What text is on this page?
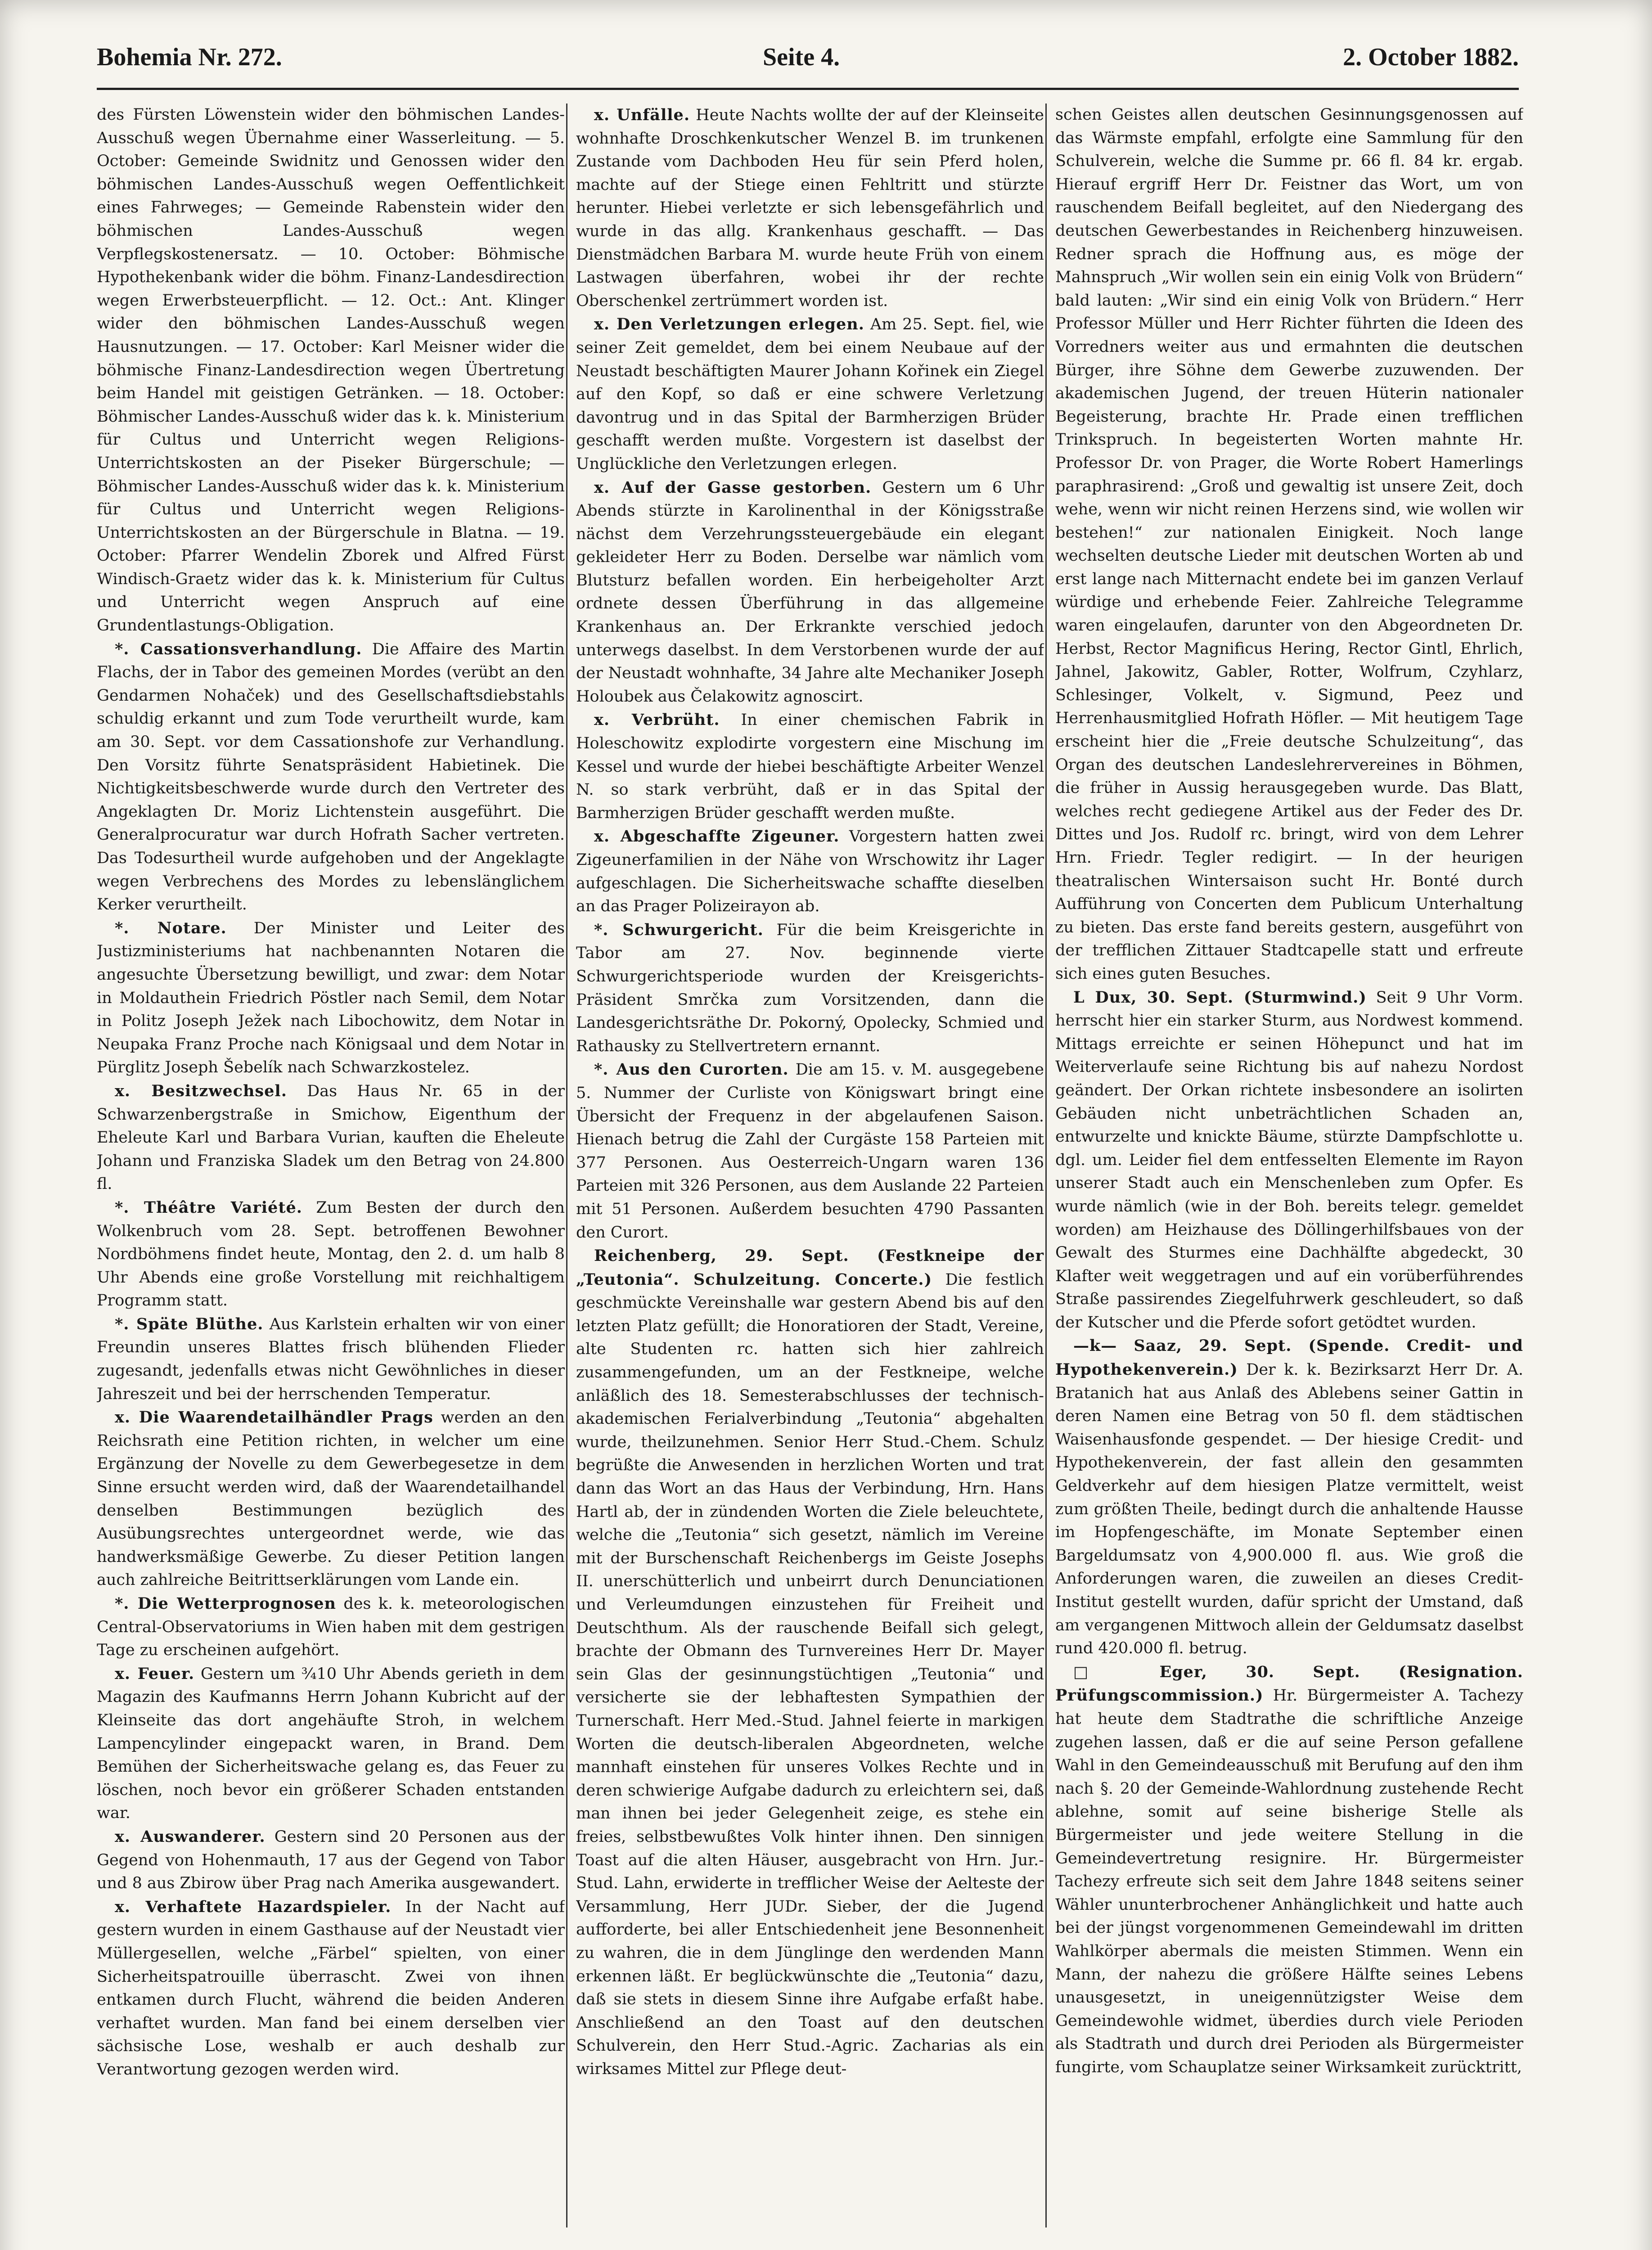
Bohemia Nr. 272.	Seite 4.	2. October 1882.

des Fürsten Löwenstein wider den böhmischen Landes-Ausschuß wegen Übernahme einer Wasserleitung. — 5. October: Gemeinde Swidnitz und Genossen wider den böhmischen Landes-Ausschuß wegen Oeffentlichkeit eines Fahrweges; — Gemeinde Rabenstein wider den böhmischen Landes-Ausschuß wegen Verpflegskostenersatz. — 10. October: Böhmische Hypothekenbank wider die böhm. Finanz-Landesdirection wegen Erwerbsteuerpflicht. — 12. Oct.: Ant. Klinger wider den böhmischen Landes-Ausschuß wegen Hausnutzungen. — 17. October: Karl Meisner wider die böhmische Finanz-Landesdirection wegen Übertretung beim Handel mit geistigen Getränken. — 18. October: Böhmischer Landes-Ausschuß wider das k. k. Ministerium für Cultus und Unterricht wegen Religions-Unterrichtskosten an der Piseker Bürgerschule; — Böhmischer Landes-Ausschuß wider das k. k. Ministerium für Cultus und Unterricht wegen Religions-Unterrichtskosten an der Bürgerschule in Blatna. — 19. October: Pfarrer Wendelin Zborek und Alfred Fürst Windisch-Graetz wider das k. k. Ministerium für Cultus und Unterricht wegen Anspruch auf eine Grundentlastungs-Obligation.

*. Cassationsverhandlung. Die Affaire des Martin Flachs, der in Tabor des gemeinen Mordes (verübt an den Gendarmen Nohaček) und des Gesellschaftsdiebstahls schuldig erkannt und zum Tode verurtheilt wurde, kam am 30. Sept. vor dem Cassationshofe zur Verhandlung. Den Vorsitz führte Senatspräsident Habietinek. Die Nichtigkeitsbeschwerde wurde durch den Vertreter des Angeklagten Dr. Moriz Lichtenstein ausgeführt. Die Generalprocuratur war durch Hofrath Sacher vertreten. Das Todesurtheil wurde aufgehoben und der Angeklagte wegen Verbrechens des Mordes zu lebenslänglichem Kerker verurtheilt.

*. Notare. Der Minister und Leiter des Justizministeriums hat nachbenannten Notaren die angesuchte Übersetzung bewilligt, und zwar: dem Notar in Moldauthein Friedrich Pöstler nach Semil, dem Notar in Politz Joseph Ježek nach Libochowitz, dem Notar in Neupaka Franz Proche nach Königsaal und dem Notar in Pürglitz Joseph Šebelík nach Schwarzkostelez.

x. Besitzwechsel. Das Haus Nr. 65 in der Schwarzenbergstraße in Smichow, Eigenthum der Eheleute Karl und Barbara Vurian, kauften die Eheleute Johann und Franziska Sladek um den Betrag von 24.800 fl.

*. Théâtre Variété. Zum Besten der durch den Wolkenbruch vom 28. Sept. betroffenen Bewohner Nordböhmens findet heute, Montag, den 2. d. um halb 8 Uhr Abends eine große Vorstellung mit reichhaltigem Programm statt.

*. Späte Blüthe. Aus Karlstein erhalten wir von einer Freundin unseres Blattes frisch blühenden Flieder zugesandt, jedenfalls etwas nicht Gewöhnliches in dieser Jahreszeit und bei der herrschenden Temperatur.

x. Die Waarendetailhändler Prags werden an den Reichsrath eine Petition richten, in welcher um eine Ergänzung der Novelle zu dem Gewerbegesetze in dem Sinne ersucht werden wird, daß der Waarendetailhandel denselben Bestimmungen bezüglich des Ausübungsrechtes untergeordnet werde, wie das handwerksmäßige Gewerbe. Zu dieser Petition langen auch zahlreiche Beitrittserklärungen vom Lande ein.

*. Die Wetterprognosen des k. k. meteorologischen Central-Observatoriums in Wien haben mit dem gestrigen Tage zu erscheinen aufgehört.

x. Feuer. Gestern um ¾10 Uhr Abends gerieth in dem Magazin des Kaufmanns Herrn Johann Kubricht auf der Kleinseite das dort angehäufte Stroh, in welchem Lampencylinder eingepackt waren, in Brand. Dem Bemühen der Sicherheitswache gelang es, das Feuer zu löschen, noch bevor ein größerer Schaden entstanden war.

x. Auswanderer. Gestern sind 20 Personen aus der Gegend von Hohenmauth, 17 aus der Gegend von Tabor und 8 aus Zbirow über Prag nach Amerika ausgewandert.

x. Verhaftete Hazardspieler. In der Nacht auf gestern wurden in einem Gasthause auf der Neustadt vier Müllergesellen, welche „Färbel“ spielten, von einer Sicherheitspatrouille überrascht. Zwei von ihnen entkamen durch Flucht, während die beiden Anderen verhaftet wurden. Man fand bei einem derselben vier sächsische Lose, weshalb er auch deshalb zur Verantwortung gezogen werden wird.

x. Unfälle. Heute Nachts wollte der auf der Kleinseite wohnhafte Droschkenkutscher Wenzel B. im trunkenen Zustande vom Dachboden Heu für sein Pferd holen, machte auf der Stiege einen Fehltritt und stürzte herunter. Hiebei verletzte er sich lebensgefährlich und wurde in das allg. Krankenhaus geschafft. — Das Dienstmädchen Barbara M. wurde heute Früh von einem Lastwagen überfahren, wobei ihr der rechte Oberschenkel zertrümmert worden ist.

x. Den Verletzungen erlegen. Am 25. Sept. fiel, wie seiner Zeit gemeldet, dem bei einem Neubaue auf der Neustadt beschäftigten Maurer Johann Kořinek ein Ziegel auf den Kopf, so daß er eine schwere Verletzung davontrug und in das Spital der Barmherzigen Brüder geschafft werden mußte. Vorgestern ist daselbst der Unglückliche den Verletzungen erlegen.

x. Auf der Gasse gestorben. Gestern um 6 Uhr Abends stürzte in Karolinenthal in der Königsstraße nächst dem Verzehrungssteuergebäude ein elegant gekleideter Herr zu Boden. Derselbe war nämlich vom Blutsturz befallen worden. Ein herbeigeholter Arzt ordnete dessen Überführung in das allgemeine Krankenhaus an. Der Erkrankte verschied jedoch unterwegs daselbst. In dem Verstorbenen wurde der auf der Neustadt wohnhafte, 34 Jahre alte Mechaniker Joseph Holoubek aus Čelakowitz agnoscirt.

x. Verbrüht. In einer chemischen Fabrik in Holeschowitz explodirte vorgestern eine Mischung im Kessel und wurde der hiebei beschäftigte Arbeiter Wenzel N. so stark verbrüht, daß er in das Spital der Barmherzigen Brüder geschafft werden mußte.

x. Abgeschaffte Zigeuner. Vorgestern hatten zwei Zigeunerfamilien in der Nähe von Wrschowitz ihr Lager aufgeschlagen. Die Sicherheitswache schaffte dieselben an das Prager Polizeirayon ab.

*. Schwurgericht. Für die beim Kreisgerichte in Tabor am 27. Nov. beginnende vierte Schwurgerichtsperiode wurden der Kreisgerichts-Präsident Smrčka zum Vorsitzenden, dann die Landesgerichtsräthe Dr. Pokorný, Opolecky, Schmied und Rathausky zu Stellvertretern ernannt.

*. Aus den Curorten. Die am 15. v. M. ausgegebene 5. Nummer der Curliste von Königswart bringt eine Übersicht der Frequenz in der abgelaufenen Saison. Hienach betrug die Zahl der Curgäste 158 Parteien mit 377 Personen. Aus Oesterreich-Ungarn waren 136 Parteien mit 326 Personen, aus dem Auslande 22 Parteien mit 51 Personen. Außerdem besuchten 4790 Passanten den Curort.

Reichenberg, 29. Sept. (Festkneipe der „Teutonia“. Schulzeitung. Concerte.) Die festlich geschmückte Vereinshalle war gestern Abend bis auf den letzten Platz gefüllt; die Honoratioren der Stadt, Vereine, alte Studenten rc. hatten sich hier zahlreich zusammengefunden, um an der Festkneipe, welche anläßlich des 18. Semesterabschlusses der technisch-akademischen Ferialverbindung „Teutonia“ abgehalten wurde, theilzunehmen. Senior Herr Stud.-Chem. Schulz begrüßte die Anwesenden in herzlichen Worten und trat dann das Wort an das Haus der Verbindung, Hrn. Hans Hartl ab, der in zündenden Worten die Ziele beleuchtete, welche die „Teutonia“ sich gesetzt, nämlich im Vereine mit der Burschenschaft Reichenbergs im Geiste Josephs II. unerschütterlich und unbeirrt durch Denunciationen und Verleumdungen einzustehen für Freiheit und Deutschthum. Als der rauschende Beifall sich gelegt, brachte der Obmann des Turnvereines Herr Dr. Mayer sein Glas der gesinnungstüchtigen „Teutonia“ und versicherte sie der lebhaftesten Sympathien der Turnerschaft. Herr Med.-Stud. Jahnel feierte in markigen Worten die deutsch-liberalen Abgeordneten, welche mannhaft einstehen für unseres Volkes Rechte und in deren schwierige Aufgabe dadurch zu erleichtern sei, daß man ihnen bei jeder Gelegenheit zeige, es stehe ein freies, selbstbewußtes Volk hinter ihnen. Den sinnigen Toast auf die alten Häuser, ausgebracht von Hrn. Jur.-Stud. Lahn, erwiderte in trefflicher Weise der Aelteste der Versammlung, Herr JUDr. Sieber, der die Jugend aufforderte, bei aller Entschiedenheit jene Besonnenheit zu wahren, die in dem Jünglinge den werdenden Mann erkennen läßt. Er beglückwünschte die „Teutonia“ dazu, daß sie stets in diesem Sinne ihre Aufgabe erfaßt habe. Anschließend an den Toast auf den deutschen Schulverein, den Herr Stud.-Agric. Zacharias als ein wirksames Mittel zur Pflege deut-

schen Geistes allen deutschen Gesinnungsgenossen auf das Wärmste empfahl, erfolgte eine Sammlung für den Schulverein, welche die Summe pr. 66 fl. 84 kr. ergab. Hierauf ergriff Herr Dr. Feistner das Wort, um von rauschendem Beifall begleitet, auf den Niedergang des deutschen Gewerbestandes in Reichenberg hinzuweisen. Redner sprach die Hoffnung aus, es möge der Mahnspruch „Wir wollen sein ein einig Volk von Brüdern“ bald lauten: „Wir sind ein einig Volk von Brüdern.“ Herr Professor Müller und Herr Richter führten die Ideen des Vorredners weiter aus und ermahnten die deutschen Bürger, ihre Söhne dem Gewerbe zuzuwenden. Der akademischen Jugend, der treuen Hüterin nationaler Begeisterung, brachte Hr. Prade einen trefflichen Trinkspruch. In begeisterten Worten mahnte Hr. Professor Dr. von Prager, die Worte Robert Hamerlings paraphrasirend: „Groß und gewaltig ist unsere Zeit, doch wehe, wenn wir nicht reinen Herzens sind, wie wollen wir bestehen!“ zur nationalen Einigkeit. Noch lange wechselten deutsche Lieder mit deutschen Worten ab und erst lange nach Mitternacht endete bei im ganzen Verlauf würdige und erhebende Feier. Zahlreiche Telegramme waren eingelaufen, darunter von den Abgeordneten Dr. Herbst, Rector Magnificus Hering, Rector Gintl, Ehrlich, Jahnel, Jakowitz, Gabler, Rotter, Wolfrum, Czyhlarz, Schlesinger, Volkelt, v. Sigmund, Peez und Herrenhausmitglied Hofrath Höfler. — Mit heutigem Tage erscheint hier die „Freie deutsche Schulzeitung“, das Organ des deutschen Landeslehrervereines in Böhmen, die früher in Aussig herausgegeben wurde. Das Blatt, welches recht gediegene Artikel aus der Feder des Dr. Dittes und Jos. Rudolf rc. bringt, wird von dem Lehrer Hrn. Friedr. Tegler redigirt. — In der heurigen theatralischen Wintersaison sucht Hr. Bonté durch Aufführung von Concerten dem Publicum Unterhaltung zu bieten. Das erste fand bereits gestern, ausgeführt von der trefflichen Zittauer Stadtcapelle statt und erfreute sich eines guten Besuches.

L Dux, 30. Sept. (Sturmwind.) Seit 9 Uhr Vorm. herrscht hier ein starker Sturm, aus Nordwest kommend. Mittags erreichte er seinen Höhepunct und hat im Weiterverlaufe seine Richtung bis auf nahezu Nordost geändert. Der Orkan richtete insbesondere an isolirten Gebäuden nicht unbeträchtlichen Schaden an, entwurzelte und knickte Bäume, stürzte Dampfschlotte u. dgl. um. Leider fiel dem entfesselten Elemente im Rayon unserer Stadt auch ein Menschenleben zum Opfer. Es wurde nämlich (wie in der Boh. bereits telegr. gemeldet worden) am Heizhause des Döllingerhilfsbaues von der Gewalt des Sturmes eine Dachhälfte abgedeckt, 30 Klafter weit weggetragen und auf ein vorüberführendes Straße passirendes Ziegelfuhrwerk geschleudert, so daß der Kutscher und die Pferde sofort getödtet wurden.

—k— Saaz, 29. Sept. (Spende. Credit- und Hypothekenverein.) Der k. k. Bezirksarzt Herr Dr. A. Bratanich hat aus Anlaß des Ablebens seiner Gattin in deren Namen eine Betrag von 50 fl. dem städtischen Waisenhausfonde gespendet. — Der hiesige Credit- und Hypothekenverein, der fast allein den gesammten Geldverkehr auf dem hiesigen Platze vermittelt, weist zum größten Theile, bedingt durch die anhaltende Hausse im Hopfengeschäfte, im Monate September einen Bargeldumsatz von 4,900.000 fl. aus. Wie groß die Anforderungen waren, die zuweilen an dieses Credit-Institut gestellt wurden, dafür spricht der Umstand, daß am vergangenen Mittwoch allein der Geldumsatz daselbst rund 420.000 fl. betrug.

□ Eger, 30. Sept. (Resignation. Prüfungscommission.) Hr. Bürgermeister A. Tachezy hat heute dem Stadtrathe die schriftliche Anzeige zugehen lassen, daß er die auf seine Person gefallene Wahl in den Gemeindeausschuß mit Berufung auf den ihm nach §. 20 der Gemeinde-Wahlordnung zustehende Recht ablehne, somit auf seine bisherige Stelle als Bürgermeister und jede weitere Stellung in die Gemeindevertretung resignire. Hr. Bürgermeister Tachezy erfreute sich seit dem Jahre 1848 seitens seiner Wähler ununterbrochener Anhänglichkeit und hatte auch bei der jüngst vorgenommenen Gemeindewahl im dritten Wahlkörper abermals die meisten Stimmen. Wenn ein Mann, der nahezu die größere Hälfte seines Lebens unausgesetzt, in uneigennützigster Weise dem Gemeindewohle widmet, überdies durch viele Perioden als Stadtrath und durch drei Perioden als Bürgermeister fungirte, vom Schauplatze seiner Wirksamkeit zurücktritt,
